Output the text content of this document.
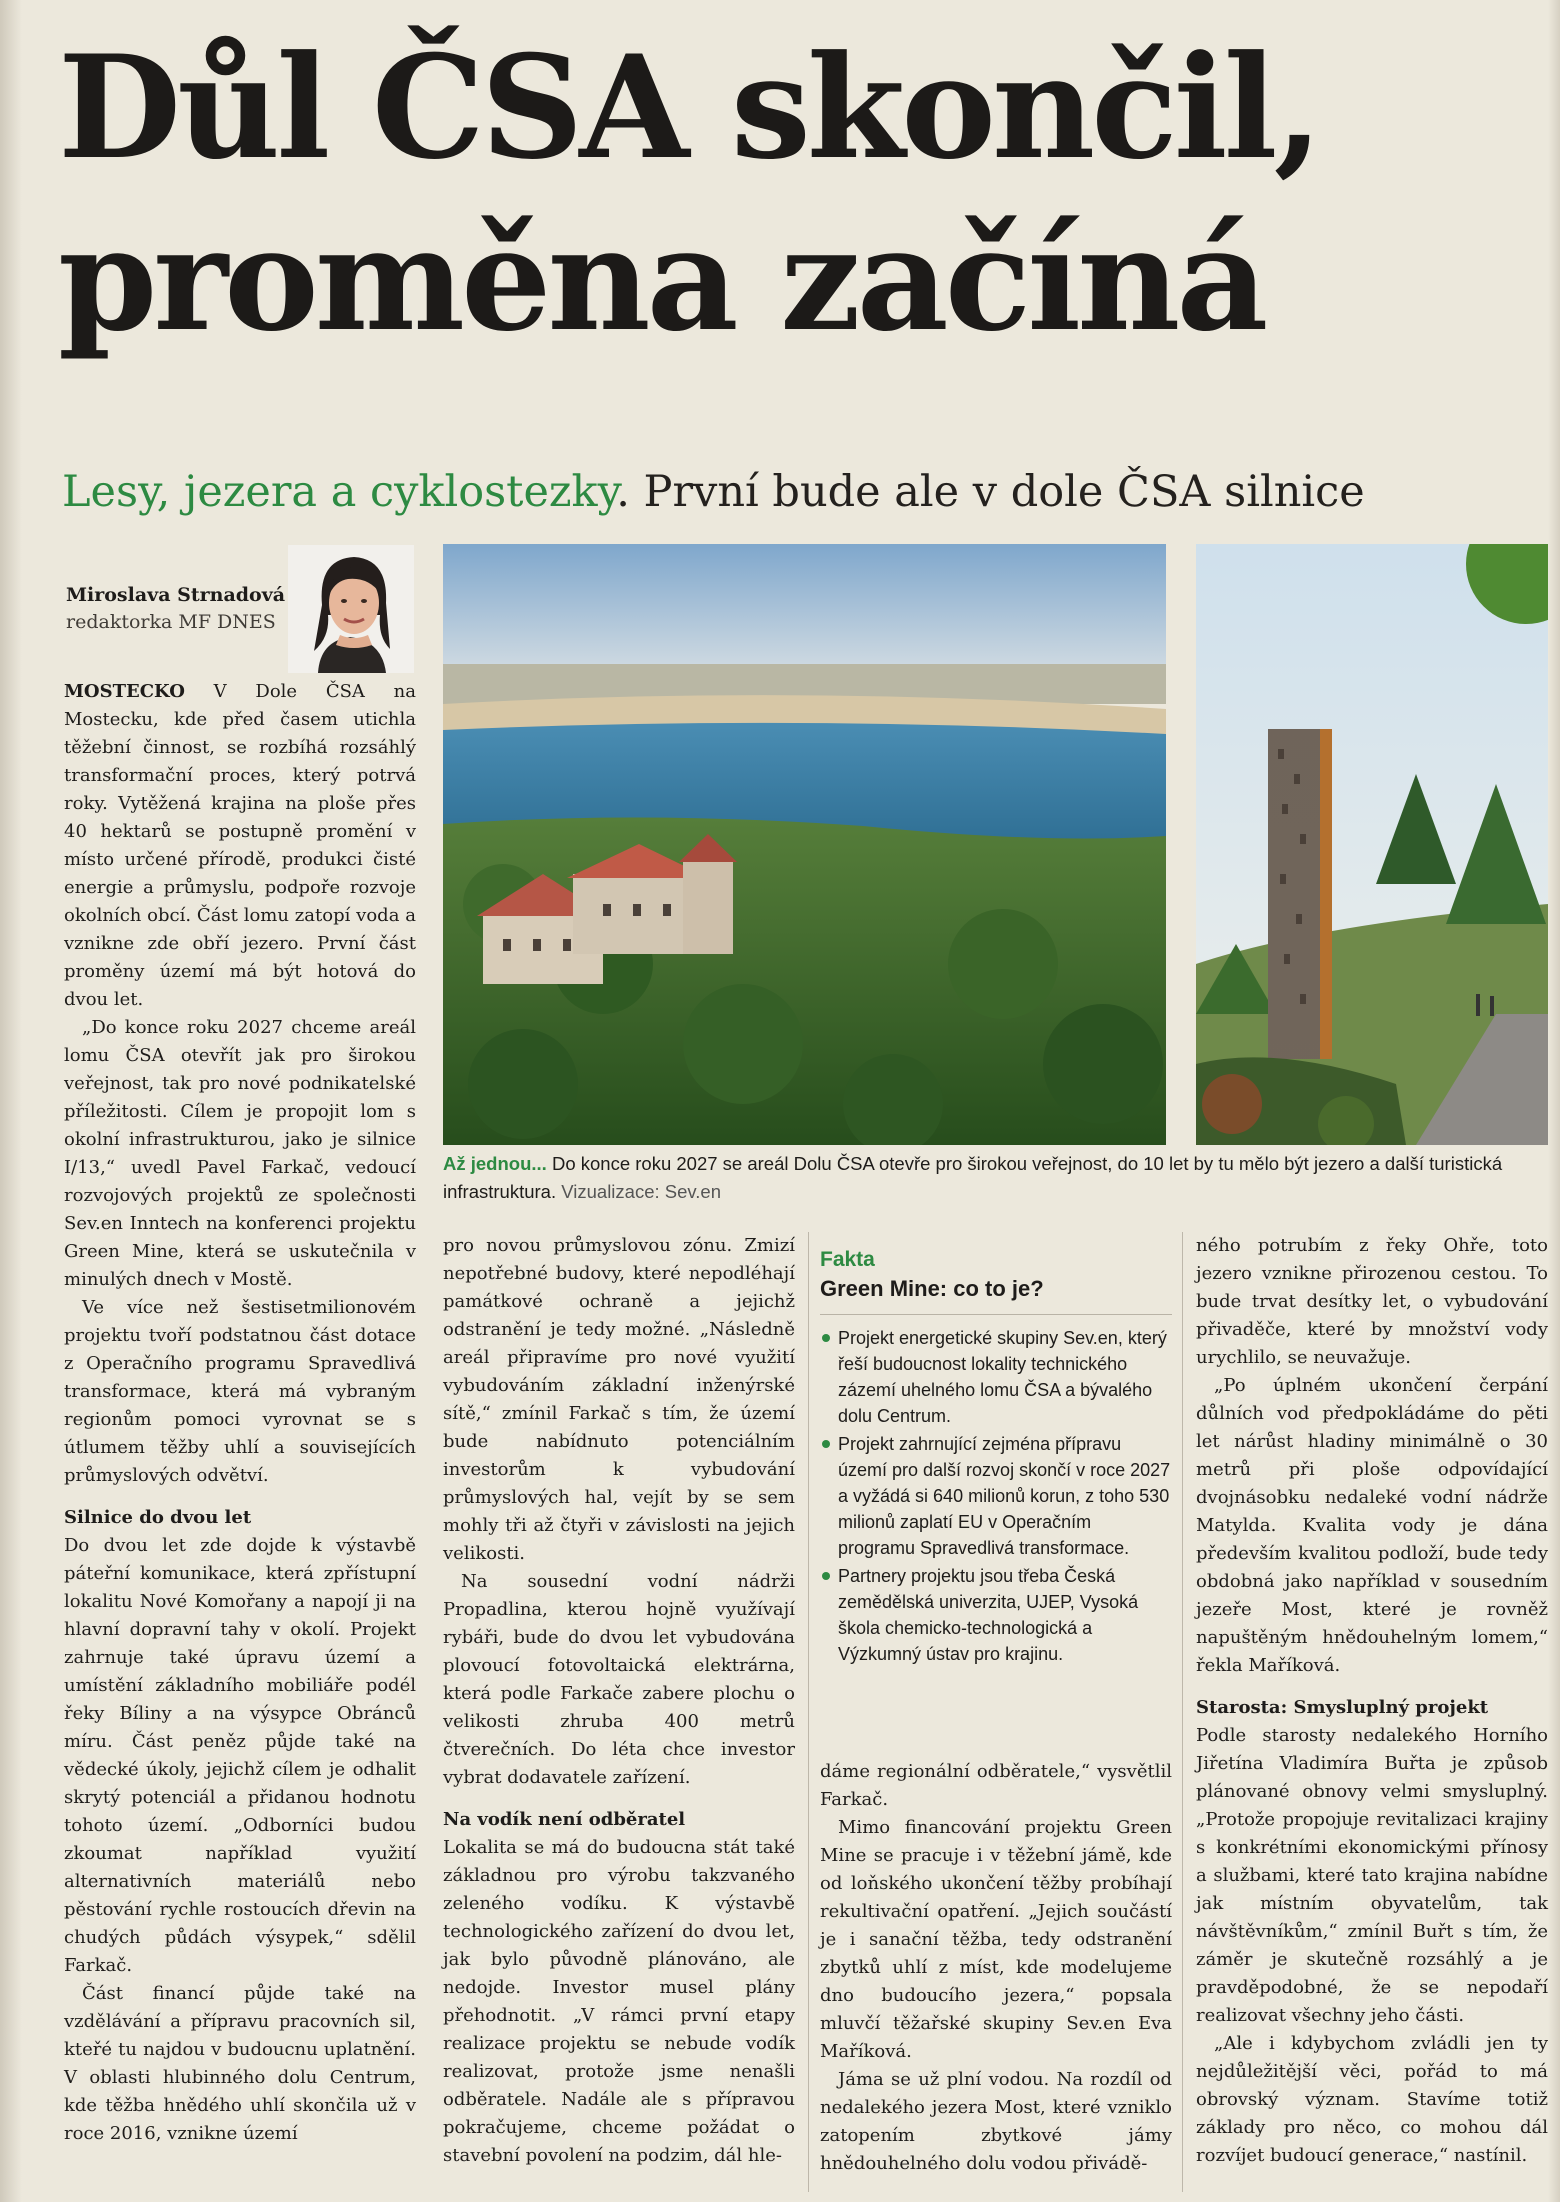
Důl ČSA skončil, proměna začíná
Lesy, jezera a cyklostezky. První bude ale v dole ČSA silnice
Miroslava Strnadová
redaktorka MF DNES
Až jednou... Do konce roku 2027 se areál Dolu ČSA otevře pro širokou veřejnost, do 10 let by tu mělo být jezero a další turistická infrastruktura. Vizualizace: Sev.en

MOSTECKO V Dole ČSA na Mostecku, kde před časem utichla těžební činnost, se rozbíhá rozsáhlý transformační proces, který potrvá roky. Vytěžená krajina na ploše přes 40 hektarů se postupně promění v místo určené přírodě, produkci čisté energie a průmyslu, podpoře rozvoje okolních obcí. Část lomu zatopí voda a vznikne zde obří jezero. První část proměny území má být hotová do dvou let.

„Do konce roku 2027 chceme areál lomu ČSA otevřít jak pro širokou veřejnost, tak pro nové podnikatelské příležitosti. Cílem je propojit lom s okolní infrastrukturou, jako je silnice I/13,“ uvedl Pavel Farkač, vedoucí rozvojových projektů ze společnosti Sev.en Inntech na konferenci projektu Green Mine, která se uskutečnila v minulých dnech v Mostě.

Ve více než šestisetmilionovém projektu tvoří podstatnou část dotace z Operačního programu Spravedlivá transformace, která má vybraným regionům pomoci vyrovnat se s útlumem těžby uhlí a souvisejících průmyslových odvětví.

Silnice do dvou let

Do dvou let zde dojde k výstavbě páteřní komunikace, která zpřístupní lokalitu Nové Komořany a napojí ji na hlavní dopravní tahy v okolí. Projekt zahrnuje také úpravu území a umístění základního mobiliáře podél řeky Bíliny a na výsypce Obránců míru. Část peněz půjde také na vědecké úkoly, jejichž cílem je odhalit skrytý potenciál a přidanou hodnotu tohoto území. „Odborníci budou zkoumat například využití alternativních materiálů nebo pěstování rychle rostoucích dřevin na chudých půdách výsypek,“ sdělil Farkač.

Část financí půjde také na vzdělávání a přípravu pracovních sil, kteřé tu najdou v budoucnu uplatnění. V oblasti hlubinného dolu Centrum, kde těžba hnědého uhlí skončila už v roce 2016, vznikne území

pro novou průmyslovou zónu. Zmizí nepotřebné budovy, které nepodléhají památkové ochraně a jejichž odstranění je tedy možné. „Následně areál připravíme pro nové využití vybudováním základní inženýrské sítě,“ zmínil Farkač s tím, že území bude nabídnuto potenciálním investorům k vybudování průmyslových hal, vejít by se sem mohly tři až čtyři v závislosti na jejich velikosti.

Na sousední vodní nádrži Propadlina, kterou hojně využívají rybáři, bude do dvou let vybudována plovoucí fotovoltaická elektrárna, která podle Farkače zabere plochu o velikosti zhruba 400 metrů čtverečních. Do léta chce investor vybrat dodavatele zařízení.

Na vodík není odběratel

Lokalita se má do budoucna stát také základnou pro výrobu takzvaného zeleného vodíku. K výstavbě technologického zařízení do dvou let, jak bylo původně plánováno, ale nedojde. Investor musel plány přehodnotit. „V rámci první etapy realizace projektu se nebude vodík realizovat, protože jsme nenašli odběratele. Nadále ale s přípravou pokračujeme, chceme požádat o stavební povolení na podzim, dál hle-

Fakta
Green Mine: co to je?
Projekt energetické skupiny Sev.en, který řeší budoucnost lokality technického zázemí uhelného lomu ČSA a bývalého dolu Centrum.
Projekt zahrnující zejména přípravu území pro další rozvoj skončí v roce 2027 a vyžádá si 640 milionů korun, z toho 530 milionů zaplatí EU v Operačním programu Spravedlivá transformace.
Partnery projektu jsou třeba Česká zemědělská univerzita, UJEP, Vysoká škola chemicko-technologická a Výzkumný ústav pro krajinu.

dáme regionální odběratele,“ vysvětlil Farkač.

Mimo financování projektu Green Mine se pracuje i v těžební jámě, kde od loňského ukončení těžby probíhají rekultivační opatření. „Jejich součástí je i sanační těžba, tedy odstranění zbytků uhlí z míst, kde modelujeme dno budoucího jezera,“ popsala mluvčí těžařské skupiny Sev.en Eva Maříková.

Jáma se už plní vodou. Na rozdíl od nedalekého jezera Most, které vzniklo zatopením zbytkové jámy hnědouhelného dolu vodou přivádě-

ného potrubím z řeky Ohře, toto jezero vznikne přirozenou cestou. To bude trvat desítky let, o vybudování přivaděče, které by množství vody urychlilo, se neuvažuje.

„Po úplném ukončení čerpání důlních vod předpokládáme do pěti let nárůst hladiny minimálně o 30 metrů při ploše odpovídající dvojnásobku nedaleké vodní nádrže Matylda. Kvalita vody je dána především kvalitou podloží, bude tedy obdobná jako například v sousedním jezeře Most, které je rovněž napuštěným hnědouhelným lomem,“ řekla Maříková.

Starosta: Smysluplný projekt

Podle starosty nedalekého Horního Jiřetína Vladimíra Buřta je způsob plánované obnovy velmi smysluplný. „Protože propojuje revitalizaci krajiny s konkrétními ekonomickými přínosy a službami, které tato krajina nabídne jak místním obyvatelům, tak návštěvníkům,“ zmínil Buřt s tím, že záměr je skutečně rozsáhlý a je pravděpodobné, že se nepodaří realizovat všechny jeho části.

„Ale i kdybychom zvládli jen ty nejdůležitější věci, pořád to má obrovský význam. Stavíme totiž základy pro něco, co mohou dál rozvíjet budoucí generace,“ nastínil.
